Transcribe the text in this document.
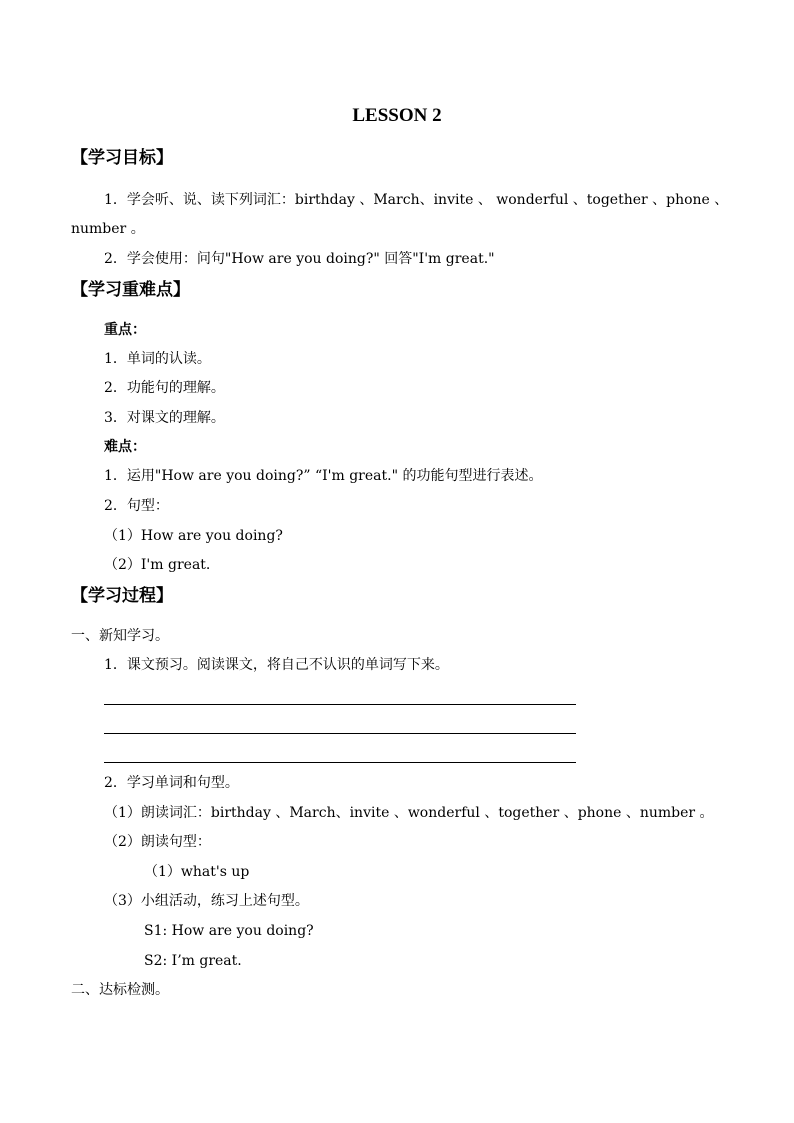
LESSON 2
【学习目标】
1．学会听、说、读下列词汇：birthday 、March、invite 、 wonderful 、together 、phone 、
number 。
2．学会使用：问句"How are you doing?" 回答"I'm great."
【学习重难点】
重点：
1．单词的认读。
2．功能句的理解。
3．对课文的理解。
难点：
1．运用"How are you doing?” “I'm great." 的功能句型进行表述。
2．句型：
（1）How are you doing?
（2）I'm great.
【学习过程】
一、新知学习。
1．课文预习。阅读课文，将自己不认识的单词写下来。
2．学习单词和句型。
（1）朗读词汇：birthday 、March、invite 、wonderful 、together 、phone 、number 。
（2）朗读句型：
（1）what's up
（3）小组活动，练习上述句型。
S1: How are you doing?
S2: I’m great.
二、达标检测。
